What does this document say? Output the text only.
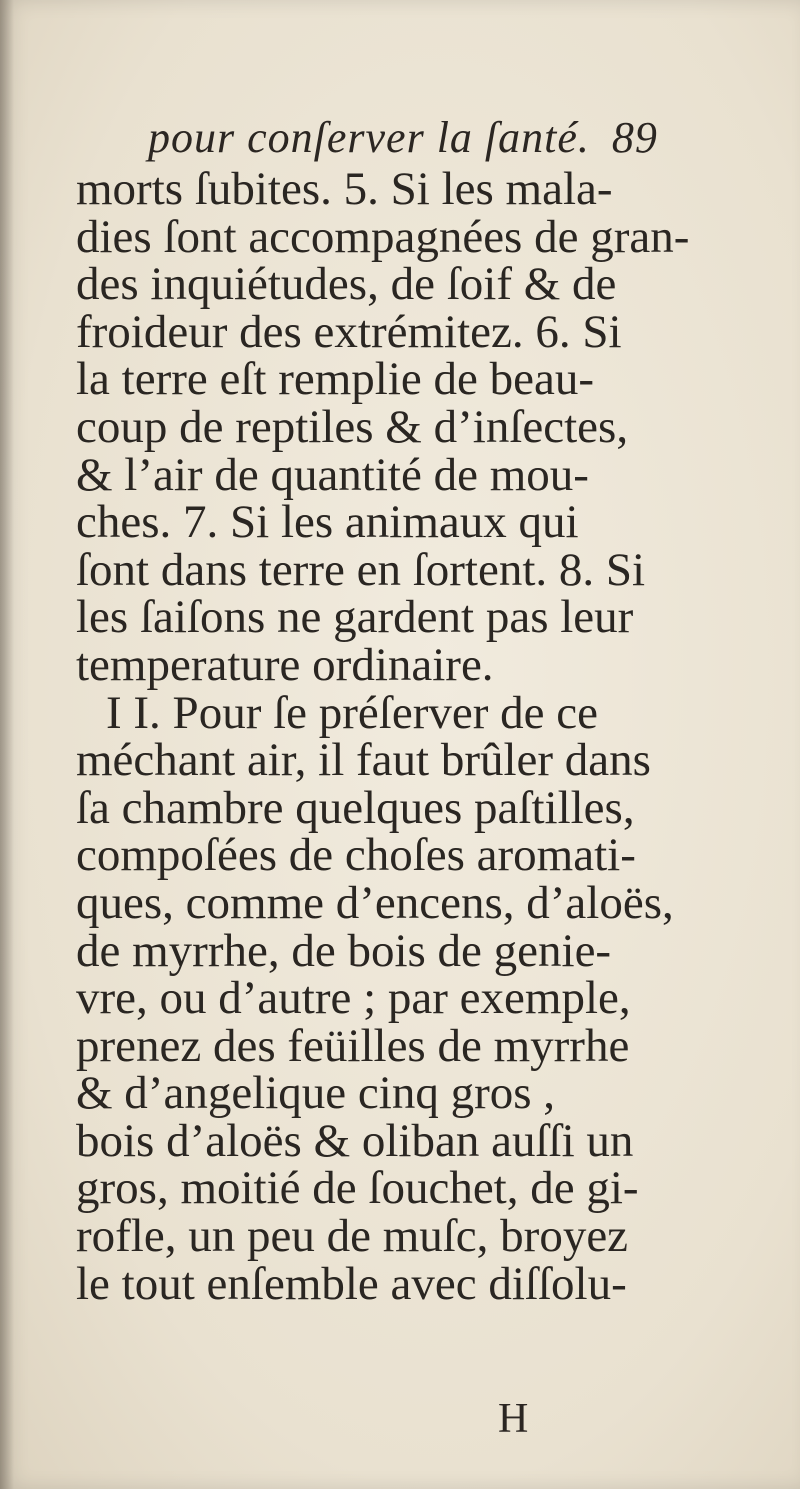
pour conſerver la ſanté. 89
morts ſubites. 5. Si les mala-
dies ſont accompagnées de gran-
des inquiétudes, de ſoif & de
froideur des extrémitez. 6. Si
la terre eſt remplie de beau-
coup de reptiles & d’inſectes,
& l’air de quantité de mou-
ches. 7. Si les animaux qui
ſont dans terre en ſortent. 8. Si
les ſaiſons ne gardent pas leur
temperature ordinaire.
I I. Pour ſe préſerver de ce
méchant air, il faut brûler dans
ſa chambre quelques paſtilles,
compoſées de choſes aromati-
ques, comme d’encens, d’aloës,
de myrrhe, de bois de genie-
vre, ou d’autre ; par exemple,
prenez des feüilles de myrrhe
& d’angelique cinq gros ,
bois d’aloës & oliban auſſi un
gros, moitié de ſouchet, de gi-
rofle, un peu de muſc, broyez
le tout enſemble avec diſſolu-
H
